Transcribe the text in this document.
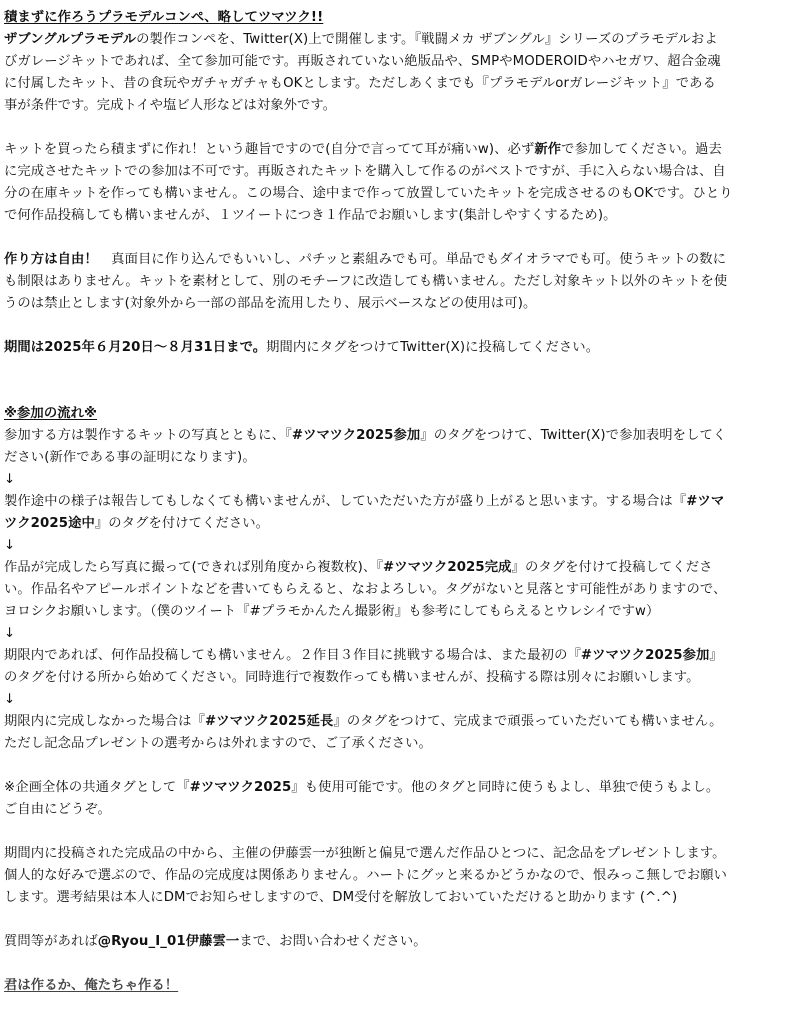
積まずに作ろうプラモデルコンペ、略してツマツク!!
ザブングルプラモデルの製作コンペを、Twitter(X)上で開催します。『戦闘メカ ザブングル』シリーズのプラモデルおよ
びガレージキットであれば、全て参加可能です。再販されていない絶版品や、SMPやMODEROIDやハセガワ、超合金魂
に付属したキット、昔の食玩やガチャガチャもOKとします。ただしあくまでも『プラモデルorガレージキット』である
事が条件です。完成トイや塩ビ人形などは対象外です。
キットを買ったら積まずに作れ！という趣旨ですので(自分で言ってて耳が痛いw)、必ず新作で参加してください。過去
に完成させたキットでの参加は不可です。再販されたキットを購入して作るのがベストですが、手に入らない場合は、自
分の在庫キットを作っても構いません。この場合、途中まで作って放置していたキットを完成させるのもOKです。ひとり
で何作品投稿しても構いませんが、１ツイートにつき１作品でお願いします(集計しやすくするため)。
作り方は自由！　真面目に作り込んでもいいし、パチッと素組みでも可。単品でもダイオラマでも可。使うキットの数に
も制限はありません。キットを素材として、別のモチーフに改造しても構いません。ただし対象キット以外のキットを使
うのは禁止とします(対象外から一部の部品を流用したり、展示ベースなどの使用は可)。
期間は2025年６月20日〜８月31日まで。期間内にタグをつけてTwitter(X)に投稿してください。
※参加の流れ※
参加する方は製作するキットの写真とともに、『#ツマツク2025参加』のタグをつけて、Twitter(X)で参加表明をしてく
ださい(新作である事の証明になります)。
↓
製作途中の様子は報告してもしなくても構いませんが、していただいた方が盛り上がると思います。する場合は『#ツマ
ツク2025途中』のタグを付けてください。
↓
作品が完成したら写真に撮って(できれば別角度から複数枚)、『#ツマツク2025完成』のタグを付けて投稿してくださ
い。作品名やアピールポイントなどを書いてもらえると、なおよろしい。タグがないと見落とす可能性がありますので、
ヨロシクお願いします。（僕のツイート『#プラモかんたん撮影術』も参考にしてもらえるとウレシイですw）
↓
期限内であれば、何作品投稿しても構いません。２作目３作目に挑戦する場合は、また最初の『#ツマツク2025参加』
のタグを付ける所から始めてください。同時進行で複数作っても構いませんが、投稿する際は別々にお願いします。
↓
期限内に完成しなかった場合は『#ツマツク2025延長』のタグをつけて、完成まで頑張っていただいても構いません。
ただし記念品プレゼントの選考からは外れますので、ご了承ください。
※企画全体の共通タグとして『#ツマツク2025』も使用可能です。他のタグと同時に使うもよし、単独で使うもよし。
ご自由にどうぞ。
期間内に投稿された完成品の中から、主催の伊藤雲一が独断と偏見で選んだ作品ひとつに、記念品をプレゼントします。
個人的な好みで選ぶので、作品の完成度は関係ありません。ハートにグッと来るかどうかなので、恨みっこ無しでお願い
します。選考結果は本人にDMでお知らせしますので、DM受付を解放しておいていただけると助かります (^.^)
質問等があれば@Ryou_I_01伊藤雲一まで、お問い合わせください。
君は作るか、俺たちゃ作る！
